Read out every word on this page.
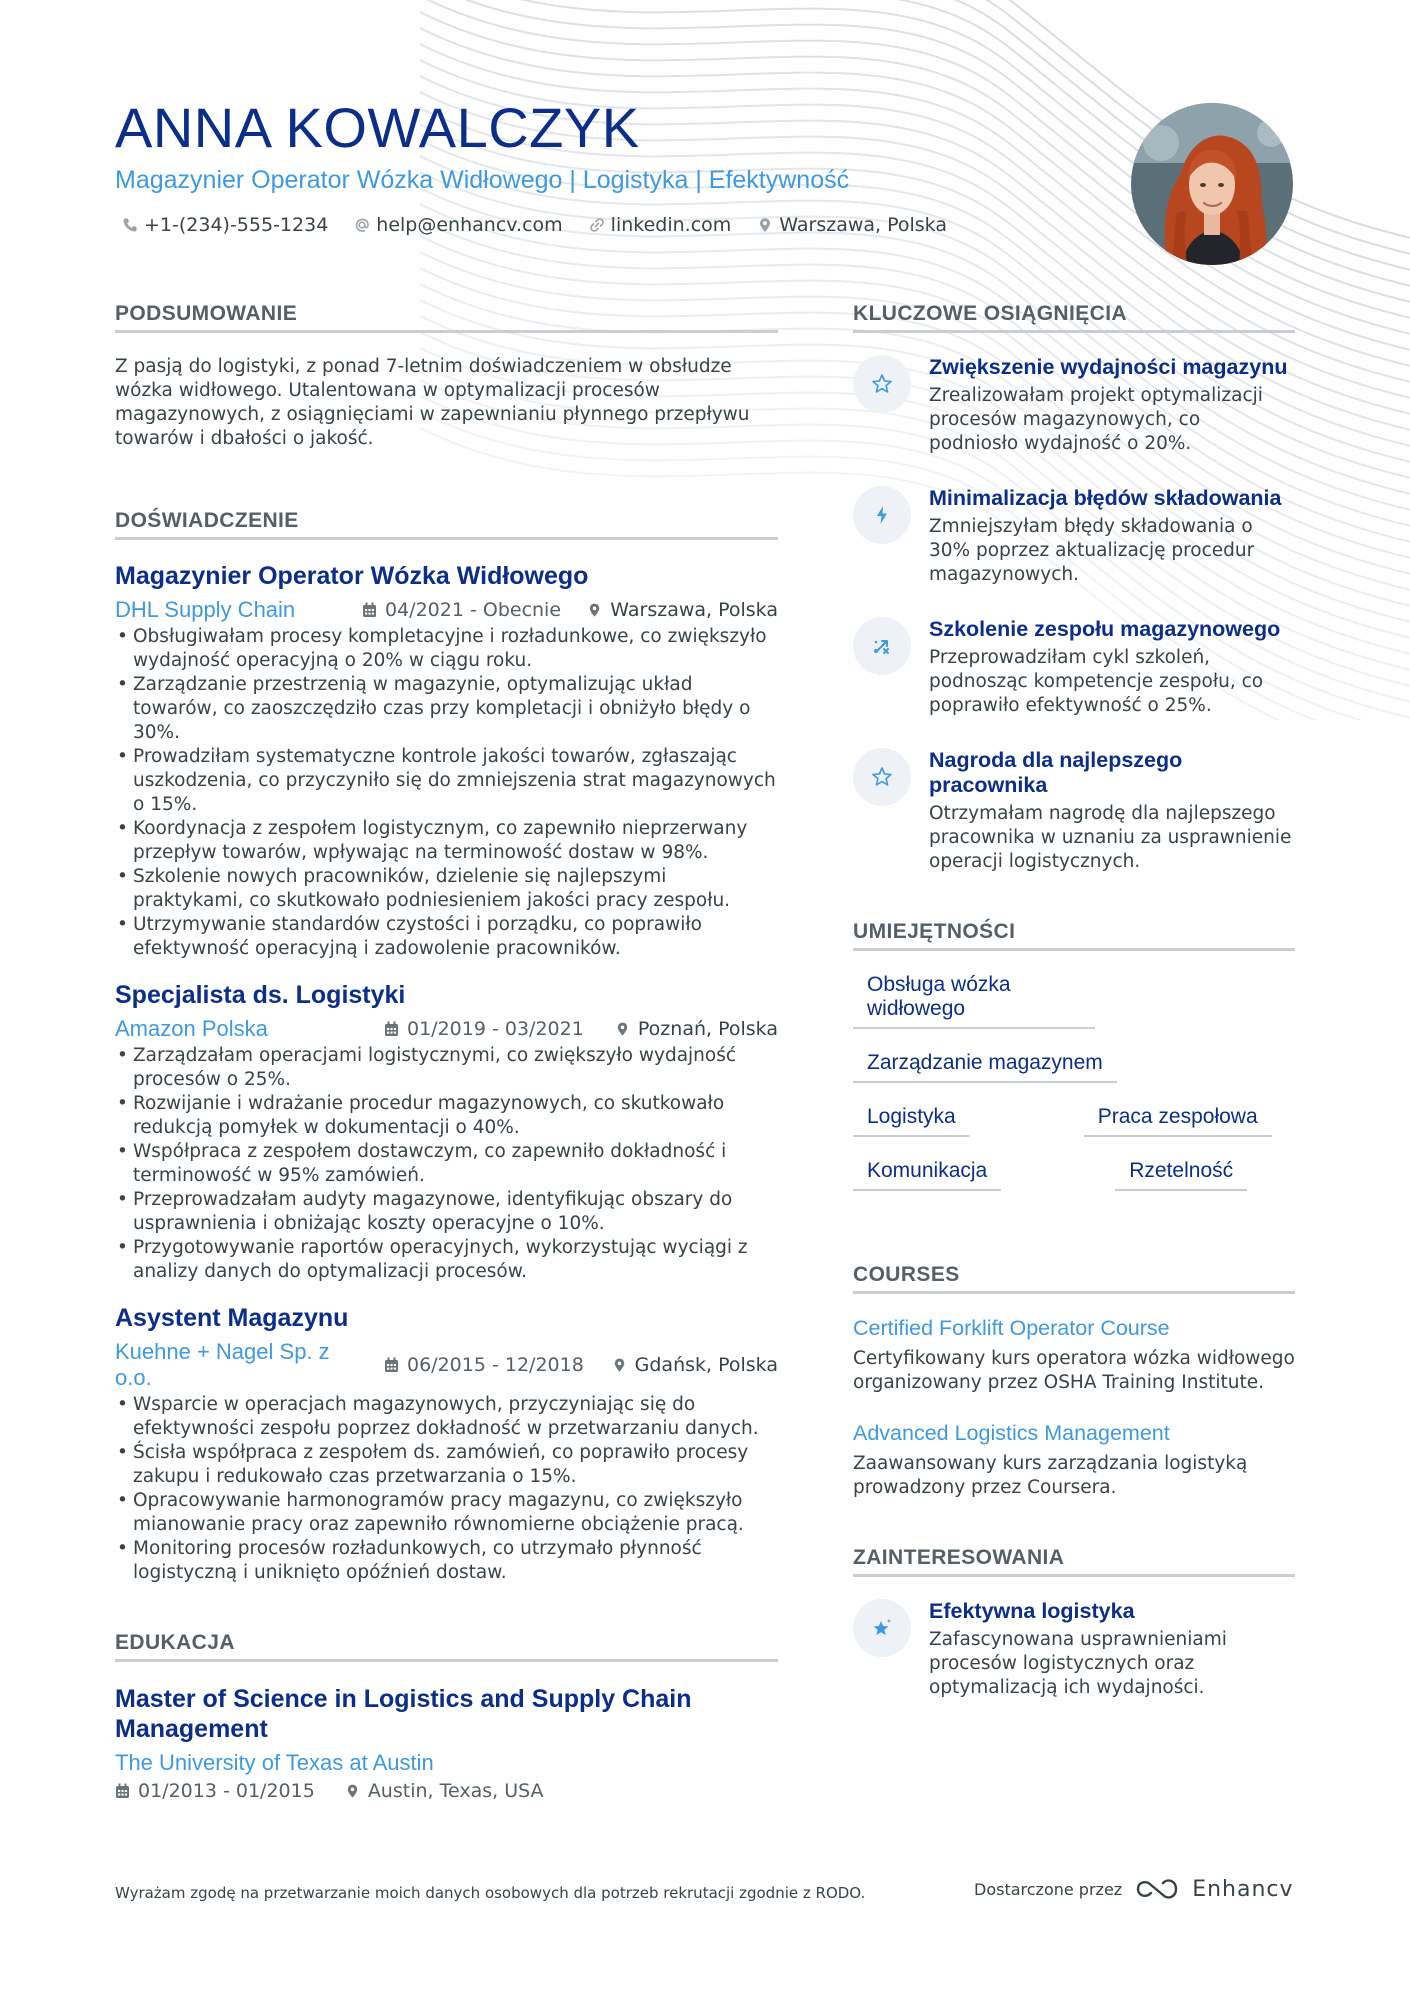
ANNA KOWALCZYK
Magazynier Operator Wózka Widłowego | Logistyka | Efektywność
+1-(234)-555-1234	help@enhancv.com	linkedin.com	Warszawa, Polska
PODSUMOWANIE

Z pasją do logistyki, z ponad 7-letnim doświadczeniem w obsłudze wózka widłowego. Utalentowana w optymalizacji procesów magazynowych, z osiągnięciami w zapewnianiu płynnego przepływu towarów i dbałości o jakość.

DOŚWIADCZENIE
Magazynier Operator Wózka Widłowego
DHL Supply Chain	04/2021 - Obecnie	Warszawa, Polska
• Obsługiwałam procesy kompletacyjne i rozładunkowe, co zwiększyło wydajność operacyjną o 20% w ciągu roku.
• Zarządzanie przestrzenią w magazynie, optymalizując układ towarów, co zaoszczędziło czas przy kompletacji i obniżyło błędy o 30%.
• Prowadziłam systematyczne kontrole jakości towarów, zgłaszając uszkodzenia, co przyczyniło się do zmniejszenia strat magazynowych o 15%.
• Koordynacja z zespołem logistycznym, co zapewniło nieprzerwany przepływ towarów, wpływając na terminowość dostaw w 98%.
• Szkolenie nowych pracowników, dzielenie się najlepszymi praktykami, co skutkowało podniesieniem jakości pracy zespołu.
• Utrzymywanie standardów czystości i porządku, co poprawiło efektywność operacyjną i zadowolenie pracowników.
Specjalista ds. Logistyki
Amazon Polska	01/2019 - 03/2021	Poznań, Polska
• Zarządzałam operacjami logistycznymi, co zwiększyło wydajność procesów o 25%.
• Rozwijanie i wdrażanie procedur magazynowych, co skutkowało redukcją pomyłek w dokumentacji o 40%.
• Współpraca z zespołem dostawczym, co zapewniło dokładność i terminowość w 95% zamówień.
• Przeprowadzałam audyty magazynowe, identyfikując obszary do usprawnienia i obniżając koszty operacyjne o 10%.
• Przygotowywanie raportów operacyjnych, wykorzystując wyciągi z analizy danych do optymalizacji procesów.
Asystent Magazynu
Kuehne + Nagel Sp. z o.o.	06/2015 - 12/2018	Gdańsk, Polska
• Wsparcie w operacjach magazynowych, przyczyniając się do efektywności zespołu poprzez dokładność w przetwarzaniu danych.
• Ścisła współpraca z zespołem ds. zamówień, co poprawiło procesy zakupu i redukowało czas przetwarzania o 15%.
• Opracowywanie harmonogramów pracy magazynu, co zwiększyło mianowanie pracy oraz zapewniło równomierne obciążenie pracą.
• Monitoring procesów rozładunkowych, co utrzymało płynność logistyczną i uniknięto opóźnień dostaw.
EDUKACJA
Master of Science in Logistics and Supply Chain Management
The University of Texas at Austin
01/2013 - 01/2015	Austin, Texas, USA
KLUCZOWE OSIĄGNIĘCIA
Zwiększenie wydajności magazynu
Zrealizowałam projekt optymalizacji procesów magazynowych, co podniosło wydajność o 20%.
Minimalizacja błędów składowania
Zmniejszyłam błędy składowania o 30% poprzez aktualizację procedur magazynowych.
Szkolenie zespołu magazynowego
Przeprowadziłam cykl szkoleń, podnosząc kompetencje zespołu, co poprawiło efektywność o 25%.
Nagroda dla najlepszego pracownika
Otrzymałam nagrodę dla najlepszego pracownika w uznaniu za usprawnienie operacji logistycznych.
UMIEJĘTNOŚCI
Obsługa wózka widłowego
Zarządzanie magazynem
Logistyka	Praca zespołowa
Komunikacja	Rzetelność
COURSES
Certified Forklift Operator Course
Certyfikowany kurs operatora wózka widłowego organizowany przez OSHA Training Institute.
Advanced Logistics Management
Zaawansowany kurs zarządzania logistyką prowadzony przez Coursera.
ZAINTERESOWANIA
Efektywna logistyka
Zafascynowana usprawnieniami procesów logistycznych oraz optymalizacją ich wydajności.
Wyrażam zgodę na przetwarzanie moich danych osobowych dla potrzeb rekrutacji zgodnie z RODO.	Dostarczone przez	Enhancv
